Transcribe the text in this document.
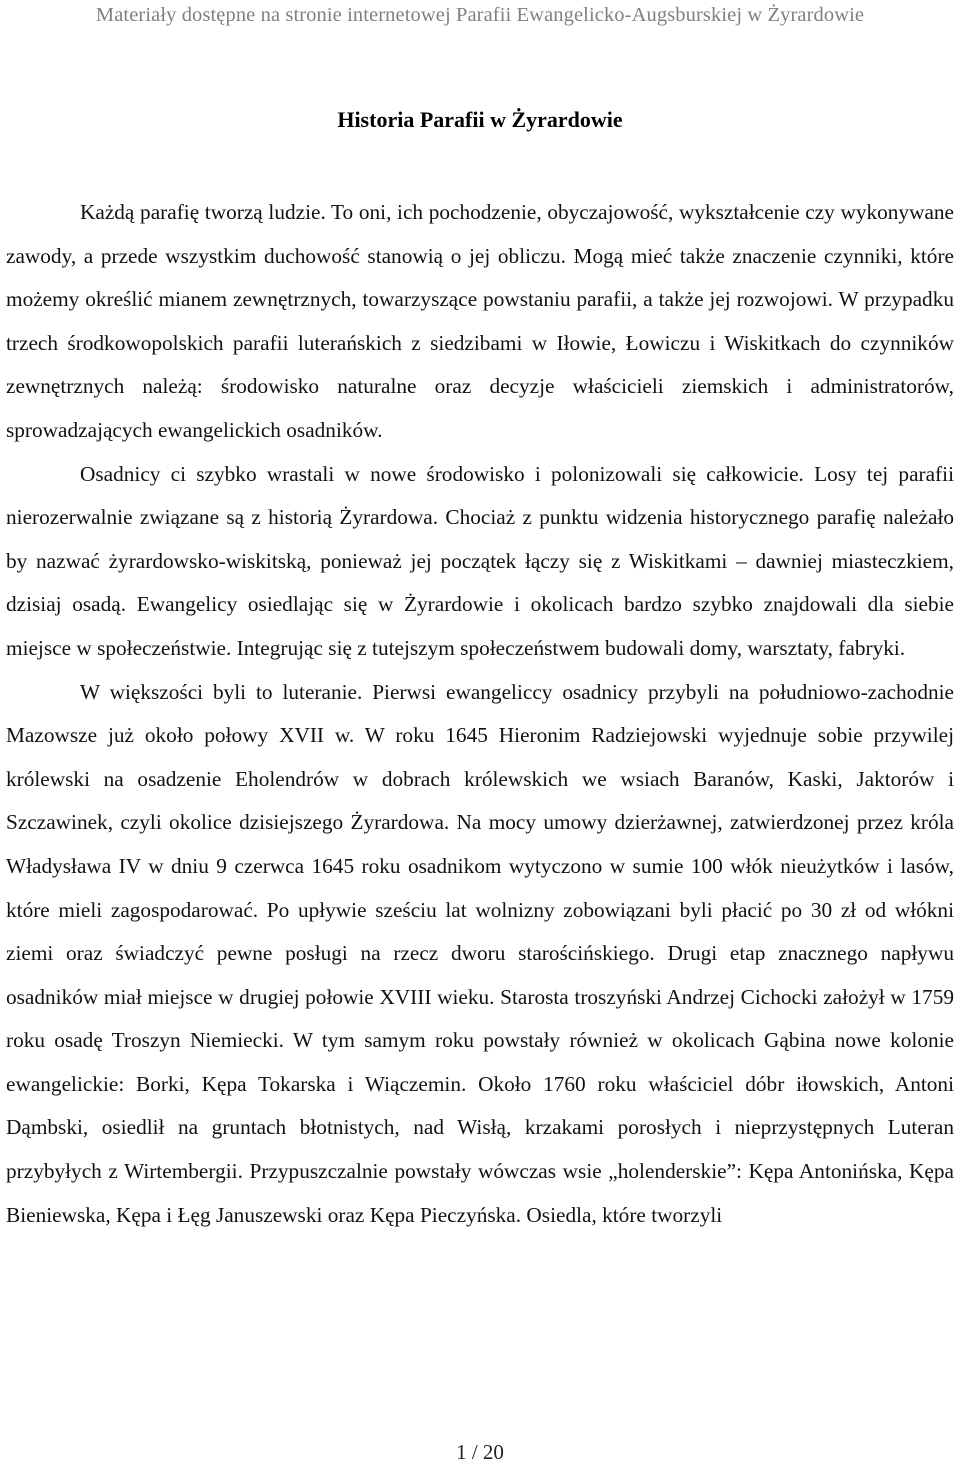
Materiały dostępne na stronie internetowej Parafii Ewangelicko-Augsburskiej w Żyrardowie
Historia Parafii w Żyrardowie

Każdą parafię tworzą ludzie. To oni, ich pochodzenie, obyczajowość, wykształcenie czy wykonywane zawody, a przede wszystkim duchowość stanowią o jej obliczu. Mogą mieć także znaczenie czynniki, które możemy określić mianem zewnętrznych, towarzyszące powstaniu parafii, a także jej rozwojowi. W przypadku trzech środkowopolskich parafii luterańskich z siedzibami w Iłowie, Łowiczu i Wiskitkach do czynników zewnętrznych należą: środowisko naturalne oraz decyzje właścicieli ziemskich i administratorów, sprowadzających ewangelickich osadników.

Osadnicy ci szybko wrastali w nowe środowisko i polonizowali się całkowicie. Losy tej parafii nierozerwalnie związane są z historią Żyrardowa. Chociaż z punktu widzenia historycznego parafię należało by nazwać żyrardowsko-wiskitską, ponieważ jej początek łączy się z Wiskitkami – dawniej miasteczkiem, dzisiaj osadą. Ewangelicy osiedlając się w Żyrardowie i okolicach bardzo szybko znajdowali dla siebie miejsce w społeczeństwie. Integrując się z tutejszym społeczeństwem budowali domy, warsztaty, fabryki.

W większości byli to luteranie. Pierwsi ewangeliccy osadnicy przybyli na południowo-zachodnie Mazowsze już około połowy XVII w. W roku 1645 Hieronim Radziejowski wyjednuje sobie przywilej królewski na osadzenie Eholendrów w dobrach królewskich we wsiach Baranów, Kaski, Jaktorów i Szczawinek, czyli okolice dzisiejszego Żyrardowa. Na mocy umowy dzierżawnej, zatwierdzonej przez króla Władysława IV w dniu 9 czerwca 1645 roku osadnikom wytyczono w sumie 100 włók nieużytków i lasów, które mieli zagospodarować. Po upływie sześciu lat wolnizny zobowiązani byli płacić po 30 zł od włókni ziemi oraz świadczyć pewne posługi na rzecz dworu starościńskiego. Drugi etap znacznego napływu osadników miał miejsce w drugiej połowie XVIII wieku. Starosta troszyński Andrzej Cichocki założył w 1759 roku osadę Troszyn Niemiecki. W tym samym roku powstały również w okolicach Gąbina nowe kolonie ewangelickie: Borki, Kępa Tokarska i Wiączemin. Około 1760 roku właściciel dóbr iłowskich, Antoni Dąmbski, osiedlił na gruntach błotnistych, nad Wisłą, krzakami porosłych i nieprzystępnych Luteran przybyłych z Wirtembergii. Przypuszczalnie powstały wówczas wsie „holenderskie”: Kępa Antonińska, Kępa Bieniewska, Kępa i Łęg Januszewski oraz Kępa Pieczyńska. Osiedla, które tworzyli

1 / 20
